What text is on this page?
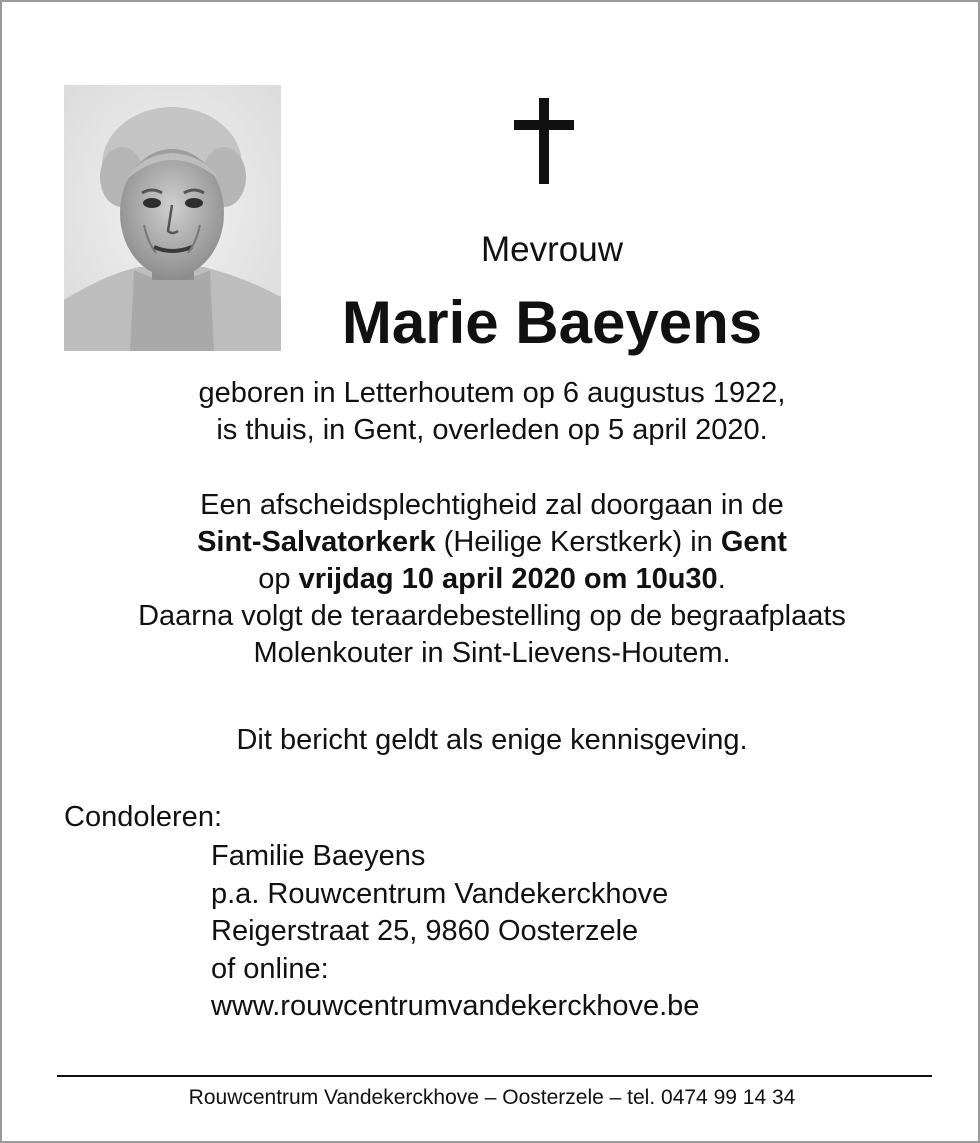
Mevrouw
Marie Baeyens
geboren in Letterhoutem op 6 augustus 1922,
is thuis, in Gent, overleden op 5 april 2020.
Een afscheidsplechtigheid zal doorgaan in de
Sint-Salvatorkerk (Heilige Kerstkerk) in Gent
op vrijdag 10 april 2020 om 10u30.
Daarna volgt de teraardebestelling op de begraafplaats
Molenkouter in Sint-Lievens-Houtem.
Dit bericht geldt als enige kennisgeving.
Condoleren:
Familie Baeyens
p.a. Rouwcentrum Vandekerckhove
Reigerstraat 25, 9860 Oosterzele
of online:
www.rouwcentrumvandekerckhove.be
Rouwcentrum Vandekerckhove – Oosterzele – tel. 0474 99 14 34
